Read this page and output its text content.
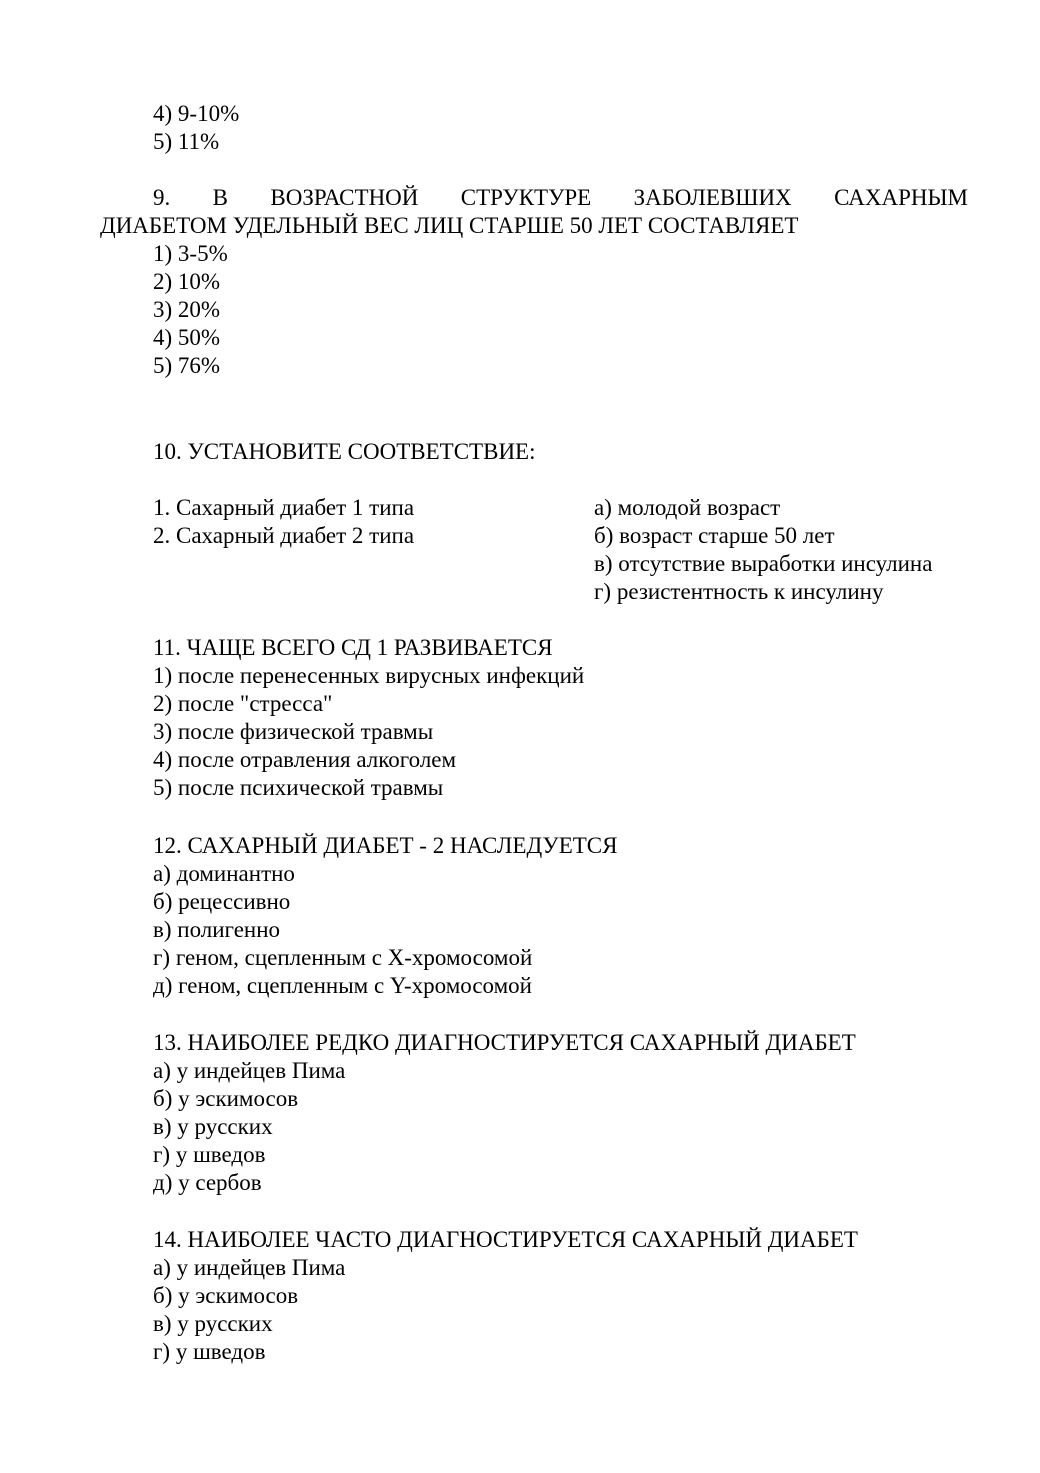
4) 9-10%
5) 11%
9. В ВОЗРАСТНОЙ СТРУКТУРЕ ЗАБОЛЕВШИХ САХАРНЫМ
ДИАБЕТОМ УДЕЛЬНЫЙ ВЕС ЛИЦ СТАРШЕ 50 ЛЕТ СОСТАВЛЯЕТ
1) 3-5%
2) 10%
3) 20%
4) 50%
5) 76%
10. УСТАНОВИТЕ СООТВЕТСТВИЕ:
1. Сахарный диабет 1 типа
2. Сахарный диабет 2 типа
а) молодой возраст
б) возраст старше 50 лет
в) отсутствие выработки инсулина
г) резистентность к инсулину
11. ЧАЩЕ ВСЕГО СД 1 РАЗВИВАЕТСЯ
1) после перенесенных вирусных инфекций
2) после "стресса"
3) после физической травмы
4) после отравления алкоголем
5) после психической травмы
12. САХАРНЫЙ ДИАБЕТ - 2 НАСЛЕДУЕТСЯ
а) доминантно
б) рецессивно
в) полигенно
г) геном, сцепленным с Х-хромосомой
д) геном, сцепленным с Y-хромосомой
13. НАИБОЛЕЕ РЕДКО ДИАГНОСТИРУЕТСЯ САХАРНЫЙ ДИАБЕТ
а) у индейцев Пима
б) у эскимосов
в) у русских
г) у шведов
д) у сербов
14. НАИБОЛЕЕ ЧАСТО ДИАГНОСТИРУЕТСЯ САХАРНЫЙ ДИАБЕТ
а) у индейцев Пима
б) у эскимосов
в) у русских
г) у шведов
